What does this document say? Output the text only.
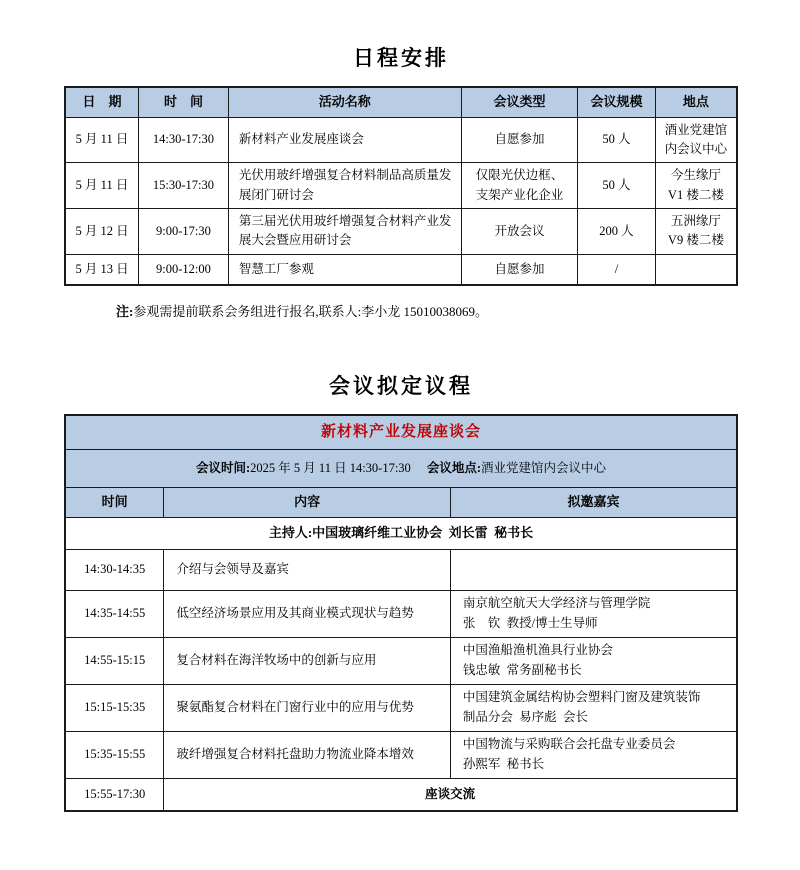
日程安排
日　期	时　间	活动名称	会议类型	会议规模	地点
5 月 11 日	14:30-17:30	新材料产业发展座谈会	自愿参加	50 人	酒业党建馆
内会议中心

5 月 11 日	15:30-17:30	光伏用玻纤增强复合材料制品高质量发展闭门研讨会	仅限光伏边框、
支架产业化企业	50 人	今生缘厅
V1 楼二楼

5 月 12 日	9:00-17:30	第三届光伏用玻纤增强复合材料产业发展大会暨应用研讨会	开放会议	200 人	五洲缘厅
V9 楼二楼

5 月 13 日	9:00-12:00	智慧工厂参观	自愿参加	/	

注:参观需提前联系会务组进行报名,联系人:李小龙 15010038069。

会议拟定议程
新材料产业发展座谈会		
会议时间:2025 年 5 月 11 日 14:30-17:30 会议地点:酒业党建馆内会议中心		
时间	内容	拟邀嘉宾
主持人:中国玻璃纤维工业协会 刘长雷 秘书长		
14:30-14:35	介绍与会领导及嘉宾	
14:35-14:55	低空经济场景应用及其商业模式现状与趋势	南京航空航天大学经济与管理学院
张　钦 教授/博士生导师

14:55-15:15	复合材料在海洋牧场中的创新与应用	中国渔船渔机渔具行业协会
钱忠敏 常务副秘书长

15:15-15:35	聚氨酯复合材料在门窗行业中的应用与优势	中国建筑金属结构协会塑料门窗及建筑装饰
制品分会 易序彪 会长

15:35-15:55	玻纤增强复合材料托盘助力物流业降本增效	中国物流与采购联合会托盘专业委员会
孙熙军 秘书长

15:55-17:30	座谈交流	
